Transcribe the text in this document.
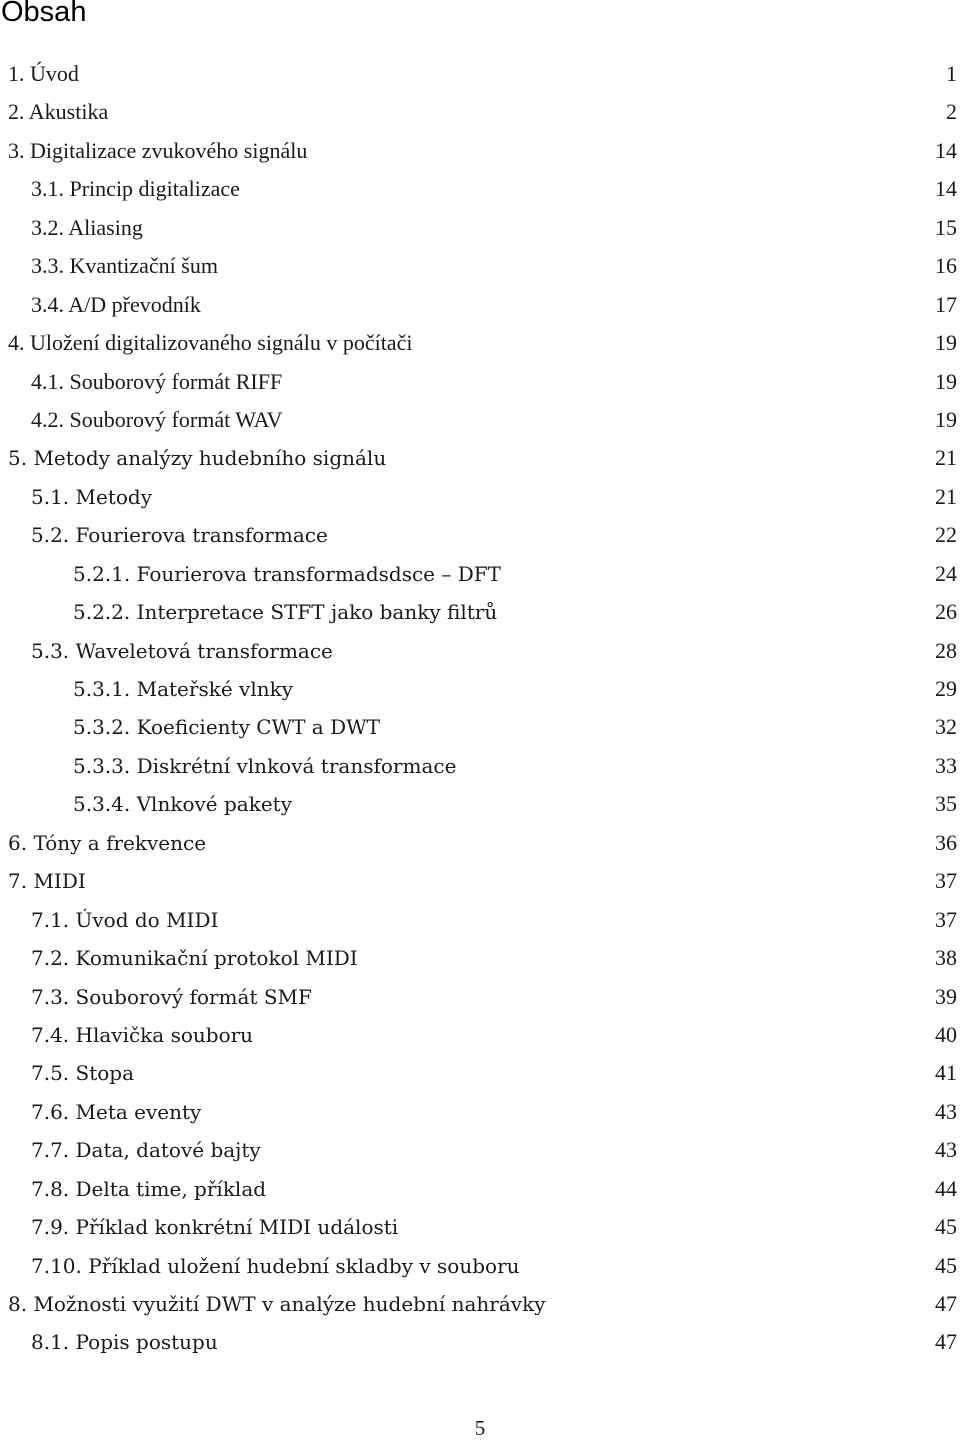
Obsah
1. Úvod	1
2. Akustika	2
3. Digitalizace zvukového signálu	14
3.1. Princip digitalizace	14
3.2. Aliasing	15
3.3. Kvantizační šum	16
3.4. A/D převodník	17
4. Uložení digitalizovaného signálu v počítači	19
4.1. Souborový formát RIFF	19
4.2. Souborový formát WAV	19
5. Metody analýzy hudebního signálu	21
5.1. Metody	21
5.2. Fourierova transformace	22
5.2.1. Fourierova transformadsdsce – DFT	24
5.2.2. Interpretace STFT jako banky filtrů	26
5.3. Waveletová transformace	28
5.3.1. Mateřské vlnky	29
5.3.2. Koeficienty CWT a DWT	32
5.3.3. Diskrétní vlnková transformace	33
5.3.4. Vlnkové pakety	35
6. Tóny a frekvence	36
7. MIDI	37
7.1. Úvod do MIDI	37
7.2. Komunikační protokol MIDI	38
7.3. Souborový formát SMF	39
7.4. Hlavička souboru	40
7.5. Stopa	41
7.6. Meta eventy	43
7.7. Data, datové bajty	43
7.8. Delta time, příklad	44
7.9. Příklad konkrétní MIDI události	45
7.10. Příklad uložení hudební skladby v souboru	45
8. Možnosti využití DWT v analýze hudební nahrávky	47
8.1. Popis postupu	47
5
